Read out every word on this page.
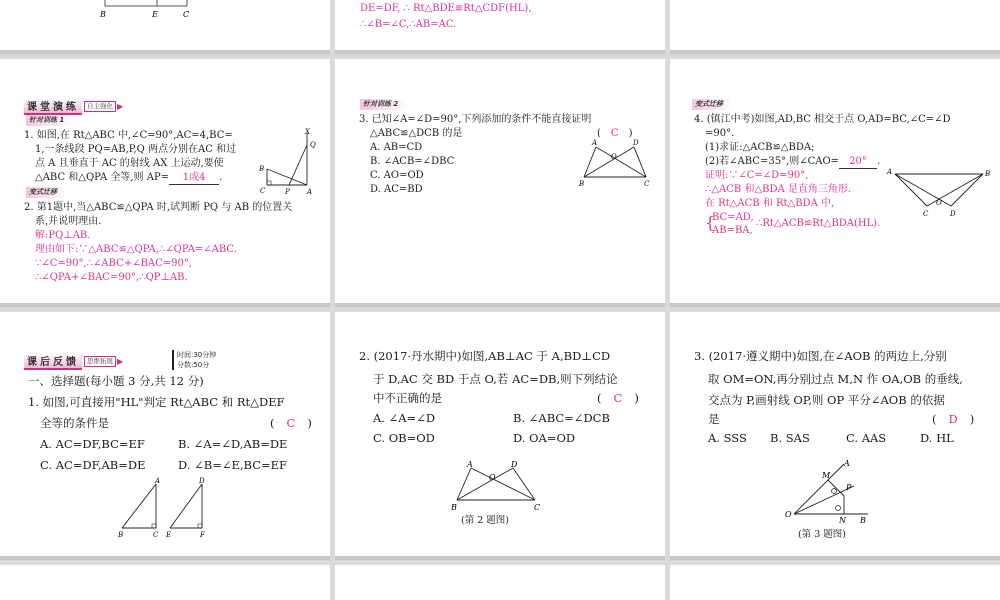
B	E	C
DE=DF, ∴ Rt△BDE≌Rt△CDF(HL),
∴∠B=∠C,∴AB=AC.
课堂演练	自主强化 ▶
针对训练 1
1. 如图,在 Rt△ABC 中,∠C=90°,AC=4,BC=
1,一条线段 PQ=AB,P,Q 两点分别在AC 和过
点 A 且垂直于 AC 的射线 AX 上运动,要使
△ABC 和△QPA 全等,则 AP= 1或4 .
变式迁移
2. 第1题中,当△ABC≌△QPA 时,试判断 PQ 与 AB 的位置关
系,并说明理由.
解:PQ⊥AB.
理由如下:∵△ABC≌△QPA,∴∠QPA=∠ABC.
∵∠C=90°,∴∠ABC+∠BAC=90°,
∴∠QPA+∠BAC=90°,∴QP⊥AB.
X
Q
B
C	P A
针对训练 2
3. 已知∠A=∠D=90°,下列添加的条件不能直接证明
△ABC≌△DCB 的是	( C )
A. AB=CD
B. ∠ACB=∠DBC
C. AO=OD
D. AC=BD
A	D
O
B	C
变式迁移
4. (镇江中考)如图,AD,BC 相交于点 O,AD=BC,∠C=∠D
=90°.
(1)求证:△ACB≌△BDA;
(2)若∠ABC=35°,则∠CAO= 20° .
证明:∵∠C=∠D=90°,
∴△ACB 和△BDA 是直角三角形.
在 Rt△ACB 和 Rt△BDA 中,
{
BC=AD,
AB=BA,
∴Rt△ACB≌Rt△BDA(HL).
A	B
C
O
D
课后反馈	思维拓展 ▶
时间:30分钟
分数:50分
一、选择题(每小题 3 分,共 12 分)
1. 如图,可直接用"HL"判定 Rt△ABC 和 Rt△DEF
全等的条件是	( C )
A. AC=DF,BC=EF	B. ∠A=∠D,AB=DE
C. AC=DF,AB=DE	D. ∠B=∠E,BC=EF
A
B	C
D
E	F
2. (2017·丹水期中)如图,AB⊥AC 于 A,BD⊥CD
于 D,AC 交 BD 于点 O,若 AC=DB,则下列结论
中不正确的是	( C )
A. ∠A=∠D	B. ∠ABC=∠DCB
C. OB=OD	D. OA=OD
A	D
O
B	C
(第 2 题图)
3. (2017·遵义期中)如图,在∠AOB 的两边上,分别
取 OM=ON,再分别过点 M,N 作 OA,OB 的垂线,
交点为 P,画射线 OP,则 OP 平分∠AOB 的依据
是	( D )
A. SSS B. SAS	C. AAS	D. HL
A
M
P
O
N B
(第 3 题图)
